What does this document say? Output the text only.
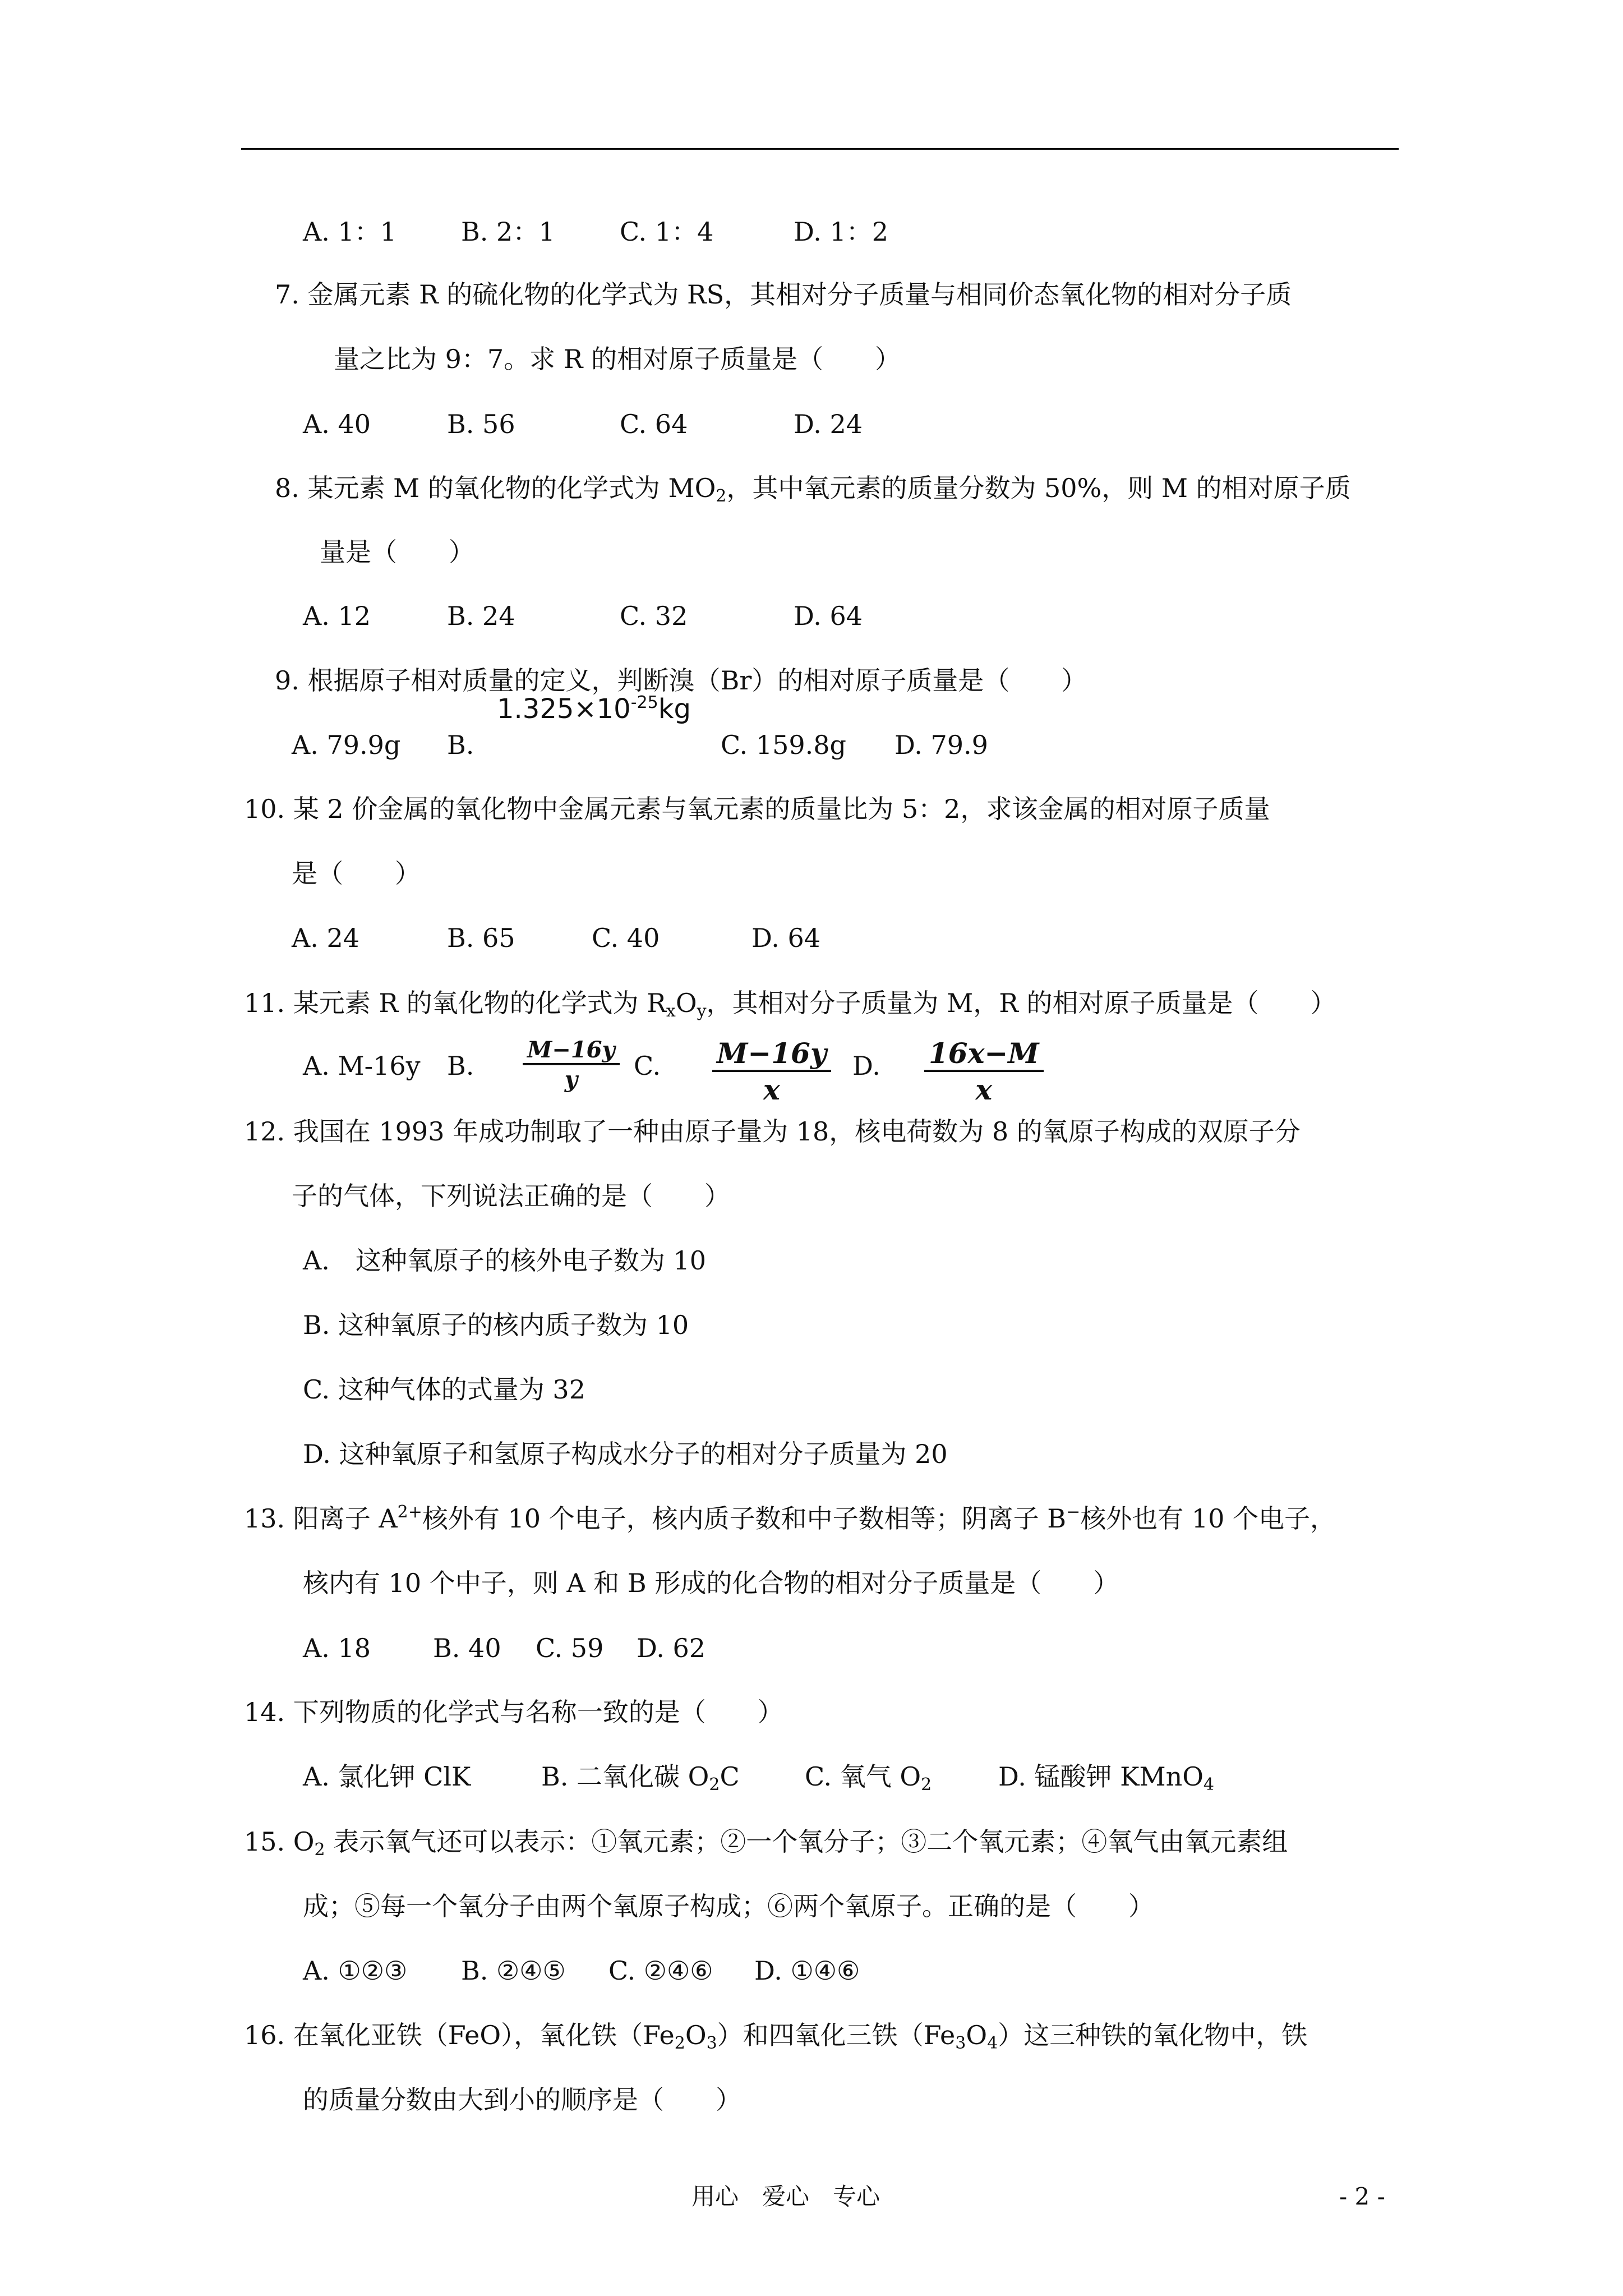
A. 1：1	B. 2：1	C. 1：4	D. 1：2
7. 金属元素 R 的硫化物的化学式为 RS，其相对分子质量与相同价态氧化物的相对分子质
量之比为 9：7。求 R 的相对原子质量是（　　）
A. 40	B. 56	C. 64	D. 24
8. 某元素 M 的氧化物的化学式为 $MO_2$，其中氧元素的质量分数为 50%，则 M 的相对原子质
量是（　　）
A. 12	B. 24	C. 32	D. 64
9. 根据原子相对质量的定义，判断溴（Br）的相对原子质量是（　　）
$1.325\times 10^{-25}kg$
A. 79.9g B.	C. 159.8g D. 79.9
10. 某 2 价金属的氧化物中金属元素与氧元素的质量比为 5：2，求该金属的相对原子质量
是（　　）
A. 24	B. 65	C. 40	D. 64
11. 某元素 R 的氧化物的化学式为 $R_xO_y$，其相对分子质量为 M，R 的相对原子质量是（　　）
A. M-16y B. $\frac{M-16y}{y} C$. $\frac{M-16y}{x} D$. $\frac{16x-M}{x}$
12. 我国在 1993 年成功制取了一种由原子量为 18，核电荷数为 8 的氧原子构成的双原子分
子的气体，下列说法正确的是（　　）
A.　这种氧原子的核外电子数为 10
B. 这种氧原子的核内质子数为 10
C. 这种气体的式量为 32
D. 这种氧原子和氢原子构成水分子的相对分子质量为 20
13. 阳离子 $A^{2+}$核外有 10 个电子，核内质子数和中子数相等；阴离子 B−核外也有 10 个电子，
核内有 10 个中子，则 A 和 B 形成的化合物的相对分子质量是（　　）
A. 18 B. 40 C. 59 D. 62
14. 下列物质的化学式与名称一致的是（　　）
A. 氯化钾 ClK	B. 二氧化碳 $O_2C$	C. 氧气 $O_2$	D. 锰酸钾 KMnO$_4$
15. $O_2$ 表示氧气还可以表示：①氧元素；②一个氧分子；③二个氧元素；④氧气由氧元素组
成；⑤每一个氧分子由两个氧原子构成；⑥两个氧原子。正确的是（　　）
A. ①②③ B. ②④⑤ C. ②④⑥ D. ①④⑥
16. 在氧化亚铁（FeO），氧化铁$(Fe_2O_3)$和四氧化三铁$(Fe_3O_4)$这三种铁的氧化物中，铁
的质量分数由大到小的顺序是（　　）
用心　爱心　专心	- 2 -
